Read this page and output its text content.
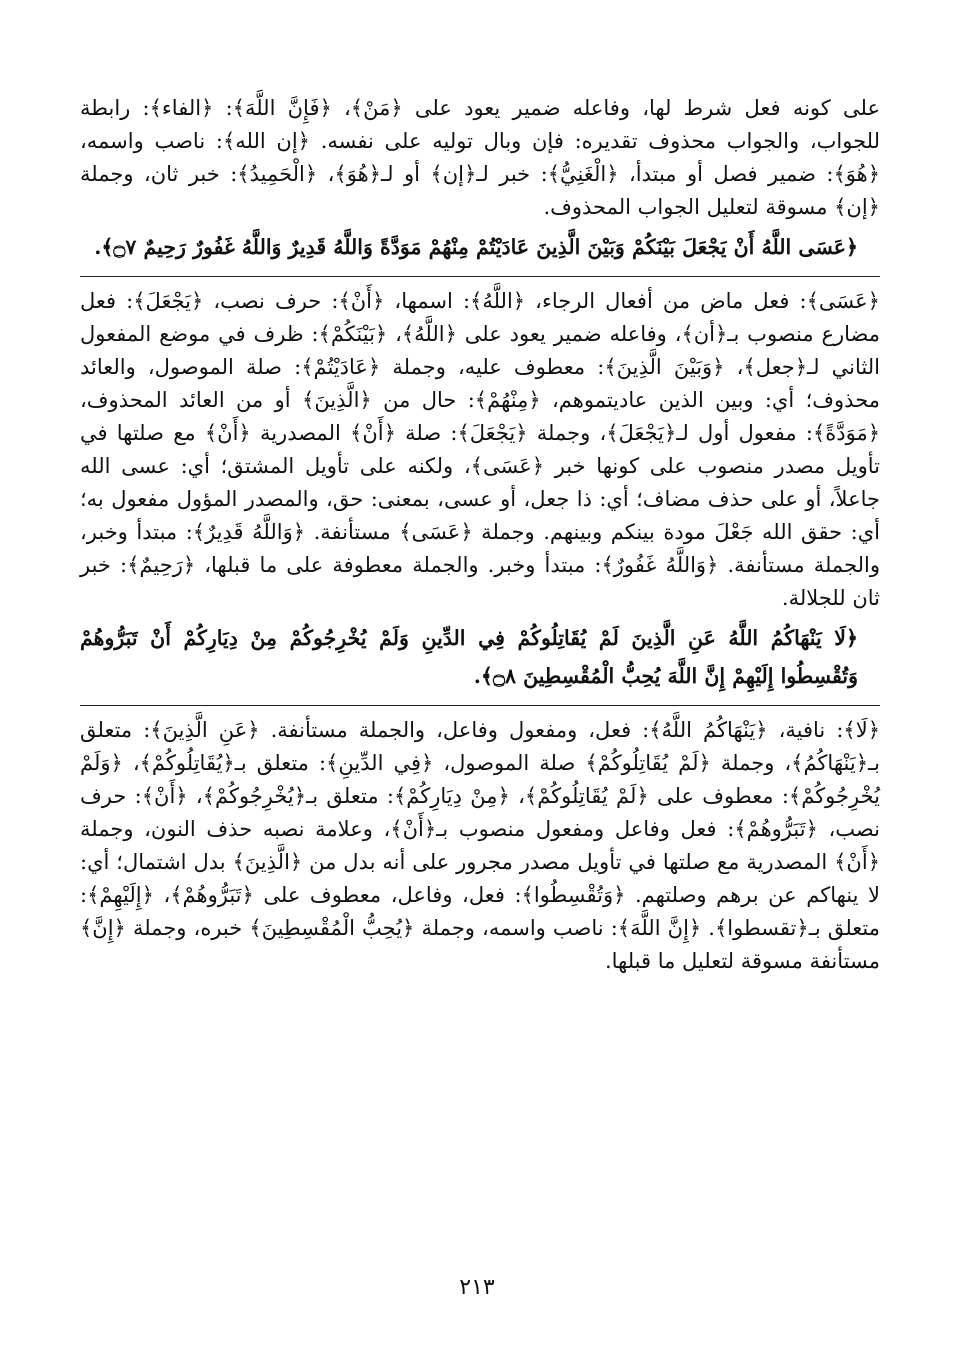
على كونه فعل شرط لها، وفاعله ضمير يعود على ﴿مَنْ﴾، ﴿فَإِنَّ اللَّهَ﴾: ﴿الفاء﴾: رابطة للجواب، والجواب محذوف تقديره: فإن وبال توليه على نفسه. ﴿إن الله﴾: ناصب واسمه، ﴿هُوَ﴾: ضمير فصل أو مبتدأ، ﴿الْغَنِيُّ﴾: خبر لـ﴿إن﴾ أو لـ﴿هُوَ﴾، ﴿الْحَمِيدُ﴾: خبر ثان، وجملة ﴿إن﴾ مسوقة لتعليل الجواب المحذوف.

﴿عَسَى اللَّهُ أَنْ يَجْعَلَ بَيْنَكُمْ وَبَيْنَ الَّذِينَ عَادَيْتُمْ مِنْهُمْ مَوَدَّةً وَاللَّهُ قَدِيرٌ وَاللَّهُ غَفُورٌ رَحِيمٌ ۝٧﴾.

﴿عَسَى﴾: فعل ماض من أفعال الرجاء، ﴿اللَّهُ﴾: اسمها، ﴿أَنْ﴾: حرف نصب، ﴿يَجْعَلَ﴾: فعل مضارع منصوب بـ﴿أن﴾، وفاعله ضمير يعود على ﴿اللَّهُ﴾، ﴿بَيْنَكُمْ﴾: ظرف في موضع المفعول الثاني لـ﴿جعل﴾، ﴿وَبَيْنَ الَّذِينَ﴾: معطوف عليه، وجملة ﴿عَادَيْتُمْ﴾: صلة الموصول، والعائد محذوف؛ أي: وبين الذين عاديتموهم، ﴿مِنْهُمْ﴾: حال من ﴿الَّذِينَ﴾ أو من العائد المحذوف، ﴿مَوَدَّةً﴾: مفعول أول لـ﴿يَجْعَلَ﴾، وجملة ﴿يَجْعَلَ﴾: صلة ﴿أَنْ﴾ المصدرية ﴿أَنْ﴾ مع صلتها في تأويل مصدر منصوب على كونها خبر ﴿عَسَى﴾، ولكنه على تأويل المشتق؛ أي: عسى الله جاعلاً، أو على حذف مضاف؛ أي: ذا جعل، أو عسى، بمعنى: حق، والمصدر المؤول مفعول به؛ أي: حقق الله جَعْلَ مودة بينكم وبينهم. وجملة ﴿عَسَى﴾ مستأنفة. ﴿وَاللَّهُ قَدِيرٌ﴾: مبتدأ وخبر، والجملة مستأنفة. ﴿وَاللَّهُ غَفُورٌ﴾: مبتدأ وخبر. والجملة معطوفة على ما قبلها، ﴿رَحِيمٌ﴾: خبر ثان للجلالة.

﴿لَا يَنْهَاكُمُ اللَّهُ عَنِ الَّذِينَ لَمْ يُقَاتِلُوكُمْ فِي الدِّينِ وَلَمْ يُخْرِجُوكُمْ مِنْ دِيَارِكُمْ أَنْ تَبَرُّوهُمْ وَتُقْسِطُوا إِلَيْهِمْ إِنَّ اللَّهَ يُحِبُّ الْمُقْسِطِينَ ۝٨﴾.

﴿لَا﴾: نافية، ﴿يَنْهَاكُمُ اللَّهُ﴾: فعل، ومفعول وفاعل، والجملة مستأنفة. ﴿عَنِ الَّذِينَ﴾: متعلق بـ﴿يَنْهَاكُمُ﴾، وجملة ﴿لَمْ يُقَاتِلُوكُمْ﴾ صلة الموصول، ﴿فِي الدِّينِ﴾: متعلق بـ﴿يُقَاتِلُوكُمْ﴾، ﴿وَلَمْ يُخْرِجُوكُمْ﴾: معطوف على ﴿لَمْ يُقَاتِلُوكُمْ﴾، ﴿مِنْ دِيَارِكُمْ﴾: متعلق بـ﴿يُخْرِجُوكُمْ﴾، ﴿أَنْ﴾: حرف نصب، ﴿تَبَرُّوهُمْ﴾: فعل وفاعل ومفعول منصوب بـ﴿أَنْ﴾، وعلامة نصبه حذف النون، وجملة ﴿أَنْ﴾ المصدرية مع صلتها في تأويل مصدر مجرور على أنه بدل من ﴿الَّذِينَ﴾ بدل اشتمال؛ أي: لا ينهاكم عن برهم وصلتهم. ﴿وَتُقْسِطُوا﴾: فعل، وفاعل، معطوف على ﴿تَبَرُّوهُمْ﴾، ﴿إِلَيْهِمْ﴾: متعلق بـ﴿تقسطوا﴾. ﴿إِنَّ اللَّهَ﴾: ناصب واسمه، وجملة ﴿يُحِبُّ الْمُقْسِطِينَ﴾ خبره، وجملة ﴿إِنَّ﴾ مستأنفة مسوقة لتعليل ما قبلها.

٢١٣
